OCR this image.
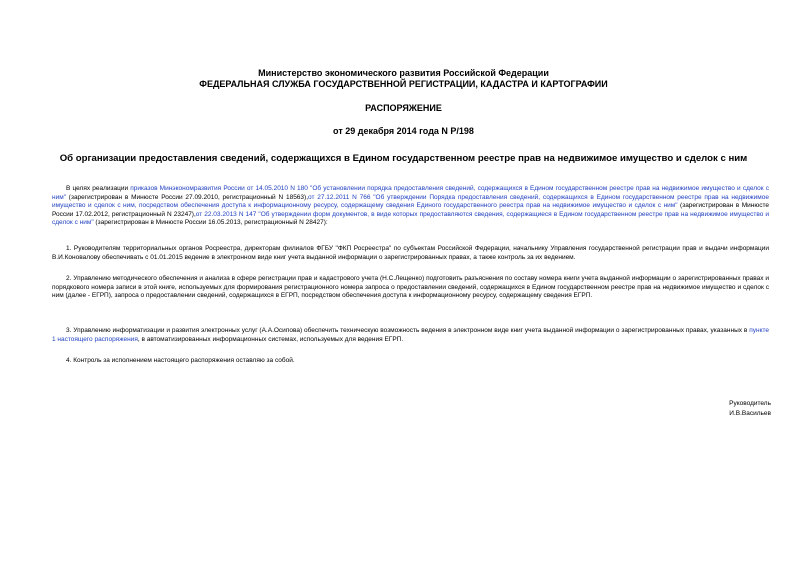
Министерство экономического развития Российской Федерации
ФЕДЕРАЛЬНАЯ СЛУЖБА ГОСУДАРСТВЕННОЙ РЕГИСТРАЦИИ, КАДАСТРА И КАРТОГРАФИИ
РАСПОРЯЖЕНИЕ
от 29 декабря 2014 года N Р/198
Об организации предоставления сведений, содержащихся в Едином государственном реестре прав на недвижимое имущество и сделок с ним
В целях реализации приказов Минэкономразвития России от 14.05.2010 N 180 "Об установлении порядка предоставления сведений, содержащихся в Едином государственном реестре прав на недвижимое имущество и сделок с ним" (зарегистрирован в Минюсте России 27.09.2010, регистрационный N 18563),от 27.12.2011 N 766 "Об утверждении Порядка предоставления сведений, содержащихся в Едином государственном реестре прав на недвижимое имущество и сделок с ним, посредством обеспечения доступа к информационному ресурсу, содержащему сведения Единого государственного реестра прав на недвижимое имущество и сделок с ним" (зарегистрирован в Минюсте России 17.02.2012, регистрационный N 23247),от 22.03.2013 N 147 "Об утверждении форм документов, в виде которых предоставляются сведения, содержащиеся в Едином государственном реестре прав на недвижимое имущество и сделок с ним" (зарегистрирован в Минюсте России 16.05.2013, регистрационный N 28427):
1. Руководителям территориальных органов Росреестра, директорам филиалов ФГБУ "ФКП Росреестра" по субъектам Российской Федерации, начальнику Управления государственной регистрации прав и выдачи информации В.И.Коновалову обеспечивать с 01.01.2015 ведение в электронном виде книг учета выданной информации о зарегистрированных правах, а также контроль за их ведением.
2. Управлению методического обеспечения и анализа в сфере регистрации прав и кадастрового учета (Н.С.Лещенко) подготовить разъяснения по составу номера книги учета выданной информации о зарегистрированных правах и порядкового номера записи в этой книге, используемых для формирования регистрационного номера запроса о предоставлении сведений, содержащихся в Едином государственном реестре прав на недвижимое имущество и сделок с ним (далее - ЕГРП), запроса о предоставлении сведений, содержащихся в ЕГРП, посредством обеспечения доступа к информационному ресурсу, содержащему сведения ЕГРП.
3. Управлению информатизации и развития электронных услуг (А.А.Осипова) обеспечить техническую возможность ведения в электронном виде книг учета выданной информации о зарегистрированных правах, указанных в пункте 1 настоящего распоряжения, в автоматизированных информационных системах, используемых для ведения ЕГРП.
4. Контроль за исполнением настоящего распоряжения оставляю за собой.
Руководитель
И.В.Васильев
